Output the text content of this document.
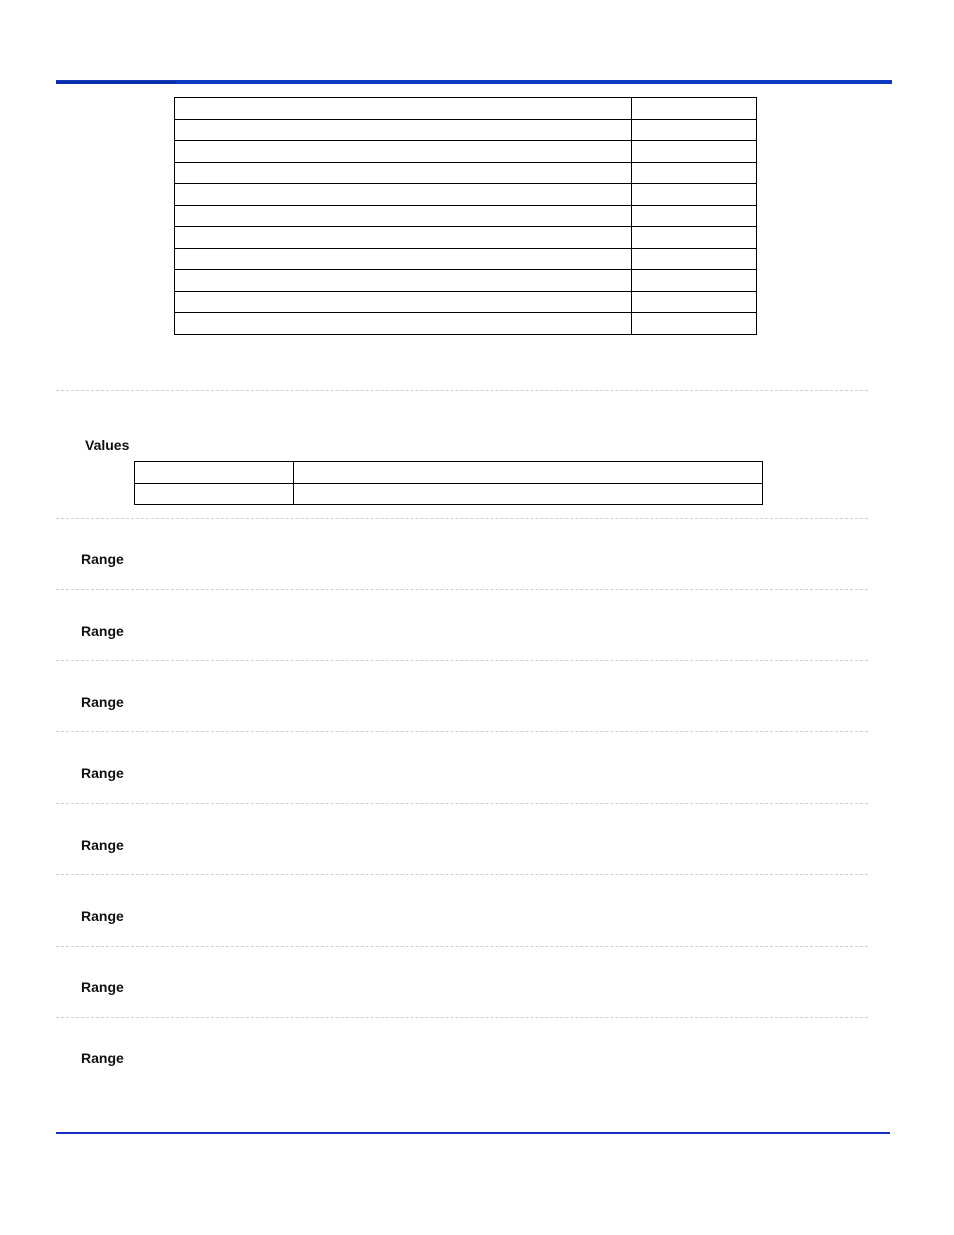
Values

Range
Range
Range
Range
Range
Range
Range
Range
